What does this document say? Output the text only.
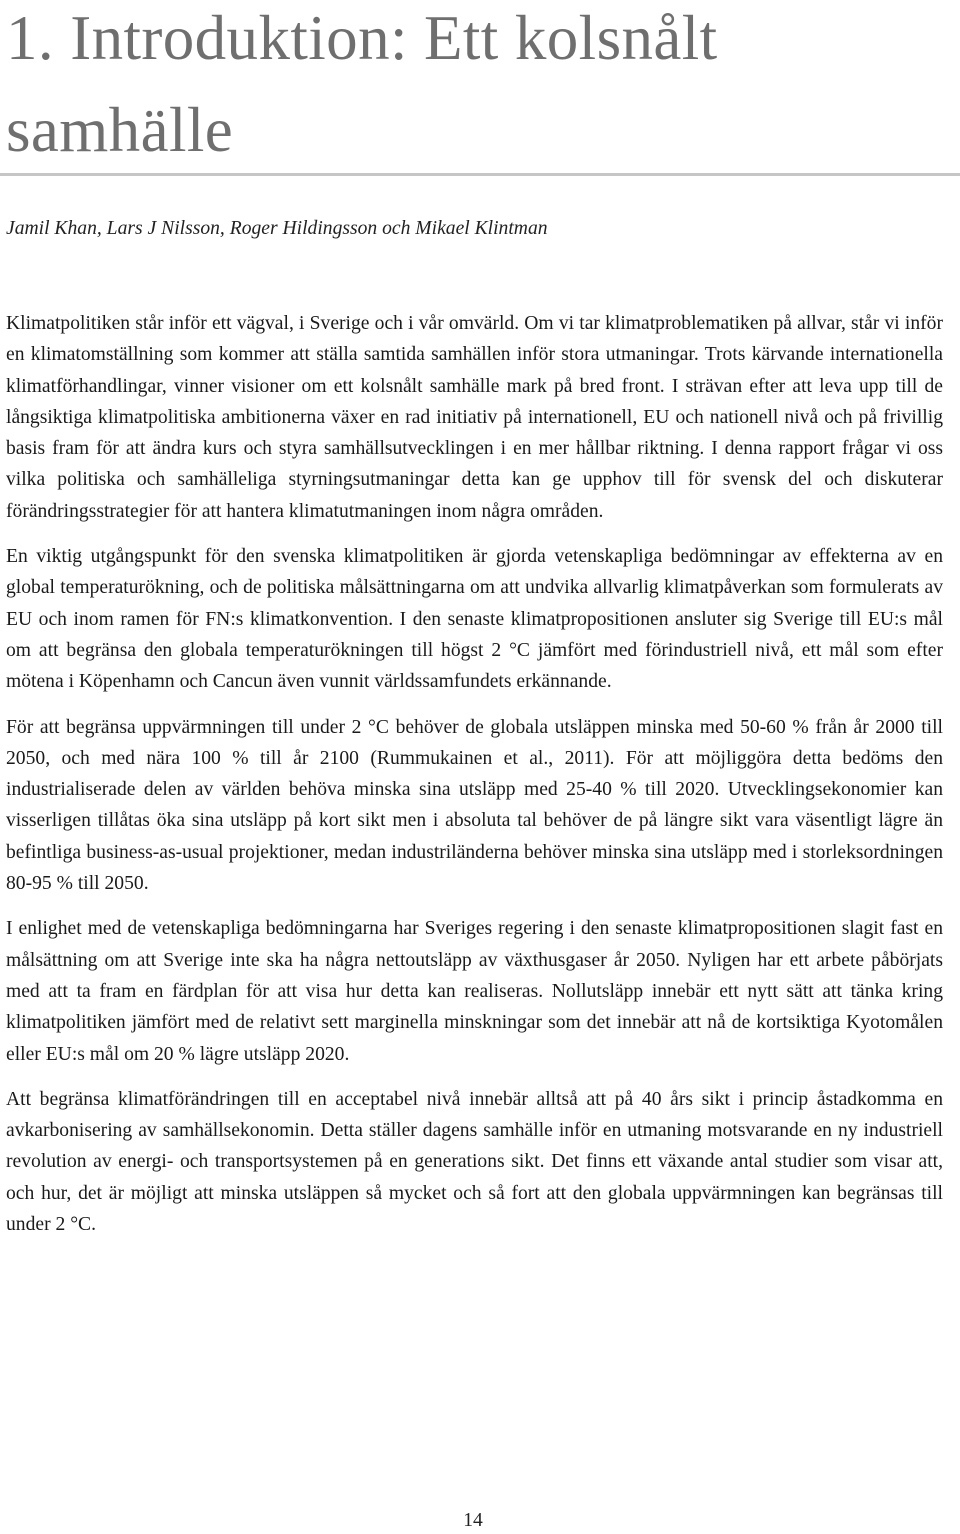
1. Introduktion: Ett kolsnålt samhälle

Jamil Khan, Lars J Nilsson, Roger Hildingsson och Mikael Klintman

Klimatpolitiken står inför ett vägval, i Sverige och i vår omvärld. Om vi tar klimatproblematiken på allvar, står vi inför en klimatomställning som kommer att ställa samtida samhällen inför stora utmaningar. Trots kärvande internationella klimatförhandlingar, vinner visioner om ett kolsnålt samhälle mark på bred front. I strävan efter att leva upp till de långsiktiga klimatpolitiska ambitionerna växer en rad initiativ på internationell, EU och nationell nivå och på frivillig basis fram för att ändra kurs och styra samhällsutvecklingen i en mer hållbar riktning. I denna rapport frågar vi oss vilka politiska och samhälleliga styrningsutmaningar detta kan ge upphov till för svensk del och diskuterar förändringsstrategier för att hantera klimatutmaningen inom några områden.

En viktig utgångspunkt för den svenska klimatpolitiken är gjorda vetenskapliga bedömningar av effekterna av en global temperaturökning, och de politiska målsättningarna om att undvika allvarlig klimatpåverkan som formulerats av EU och inom ramen för FN:s klimatkonvention. I den senaste klimatpropositionen ansluter sig Sverige till EU:s mål om att begränsa den globala temperaturökningen till högst 2 °C jämfört med förindustriell nivå, ett mål som efter mötena i Köpenhamn och Cancun även vunnit världssamfundets erkännande.

För att begränsa uppvärmningen till under 2 °C behöver de globala utsläppen minska med 50-60 % från år 2000 till 2050, och med nära 100 % till år 2100 (Rummukainen et al., 2011). För att möjliggöra detta bedöms den industrialiserade delen av världen behöva minska sina utsläpp med 25-40 % till 2020. Utvecklingsekonomier kan visserligen tillåtas öka sina utsläpp på kort sikt men i absoluta tal behöver de på längre sikt vara väsentligt lägre än befintliga business-as-usual projektioner, medan industriländerna behöver minska sina utsläpp med i storleksordningen 80-95 % till 2050.

I enlighet med de vetenskapliga bedömningarna har Sveriges regering i den senaste klimatpropositionen slagit fast en målsättning om att Sverige inte ska ha några nettoutsläpp av växthusgaser år 2050. Nyligen har ett arbete påbörjats med att ta fram en färdplan för att visa hur detta kan realiseras. Nollutsläpp innebär ett nytt sätt att tänka kring klimatpolitiken jämfört med de relativt sett marginella minskningar som det innebär att nå de kortsiktiga Kyotomålen eller EU:s mål om 20 % lägre utsläpp 2020.

Att begränsa klimatförändringen till en acceptabel nivå innebär alltså att på 40 års sikt i princip åstadkomma en avkarbonisering av samhällsekonomin. Detta ställer dagens samhälle inför en utmaning motsvarande en ny industriell revolution av energi- och transportsystemen på en generations sikt. Det finns ett växande antal studier som visar att, och hur, det är möjligt att minska utsläppen så mycket och så fort att den globala uppvärmningen kan begränsas till under 2 °C.

14
